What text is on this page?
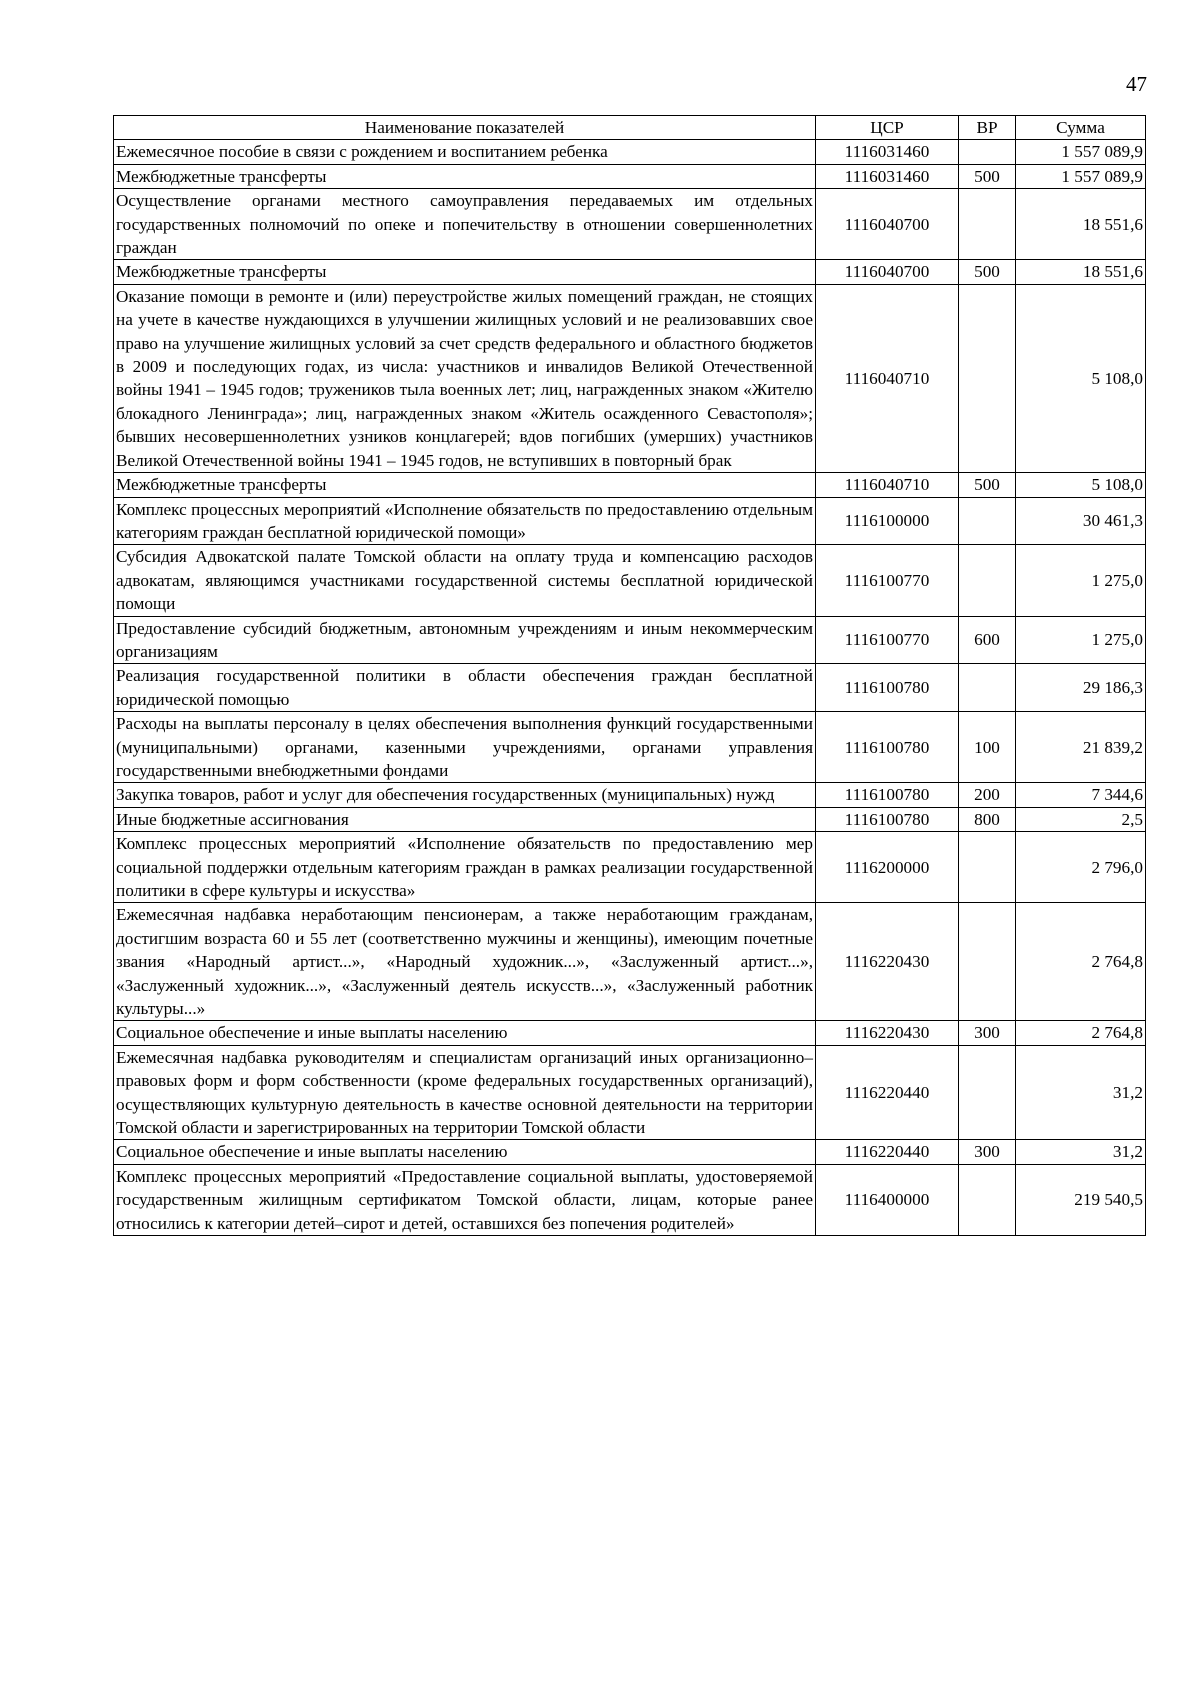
47
Наименование показателей	ЦСР	ВР	Сумма
Ежемесячное пособие в связи с рождением и воспитанием ребенка	1116031460		1 557 089,9
Межбюджетные трансферты	1116031460	500	1 557 089,9
Осуществление органами местного самоуправления передаваемых им отдельных государственных полномочий по опеке и попечительству в отношении совершеннолетних граждан	1116040700		18 551,6
Межбюджетные трансферты	1116040700	500	18 551,6
Оказание помощи в ремонте и (или) переустройстве жилых помещений граждан, не стоящих на учете в качестве нуждающихся в улучшении жилищных условий и не реализовавших свое право на улучшение жилищных условий за счет средств федерального и областного бюджетов в 2009 и последующих годах, из числа: участников и инвалидов Великой Отечественной войны 1941 – 1945 годов; тружеников тыла военных лет; лиц, награжденных знаком «Жителю блокадного Ленинграда»; лиц, награжденных знаком «Житель осажденного Севастополя»; бывших несовершеннолетних узников концлагерей; вдов погибших (умерших) участников Великой Отечественной войны 1941 – 1945 годов, не вступивших в повторный брак	1116040710		5 108,0
Межбюджетные трансферты	1116040710	500	5 108,0
Комплекс процессных мероприятий «Исполнение обязательств по предоставлению отдельным категориям граждан бесплатной юридической помощи»	1116100000		30 461,3
Субсидия Адвокатской палате Томской области на оплату труда и компенсацию расходов адвокатам, являющимся участниками государственной системы бесплатной юридической помощи	1116100770		1 275,0
Предоставление субсидий бюджетным, автономным учреждениям и иным некоммерческим организациям	1116100770	600	1 275,0
Реализация государственной политики в области обеспечения граждан бесплатной юридической помощью	1116100780		29 186,3
Расходы на выплаты персоналу в целях обеспечения выполнения функций государственными (муниципальными) органами, казенными учреждениями, органами управления государственными внебюджетными фондами	1116100780	100	21 839,2
Закупка товаров, работ и услуг для обеспечения государственных (муниципальных) нужд	1116100780	200	7 344,6
Иные бюджетные ассигнования	1116100780	800	2,5
Комплекс процессных мероприятий «Исполнение обязательств по предоставлению мер социальной поддержки отдельным категориям граждан в рамках реализации государственной политики в сфере культуры и искусства»	1116200000		2 796,0
Ежемесячная надбавка неработающим пенсионерам, а также неработающим гражданам, достигшим возраста 60 и 55 лет (соответственно мужчины и женщины), имеющим почетные звания «Народный артист...», «Народный художник...», «Заслуженный артист...», «Заслуженный художник...», «Заслуженный деятель искусств...», «Заслуженный работник культуры...»	1116220430		2 764,8
Социальное обеспечение и иные выплаты населению	1116220430	300	2 764,8
Ежемесячная надбавка руководителям и специалистам организаций иных организационно–правовых форм и форм собственности (кроме федеральных государственных организаций), осуществляющих культурную деятельность в качестве основной деятельности на территории Томской области и зарегистрированных на территории Томской области	1116220440		31,2
Социальное обеспечение и иные выплаты населению	1116220440	300	31,2
Комплекс процессных мероприятий «Предоставление социальной выплаты, удостоверяемой государственным жилищным сертификатом Томской области, лицам, которые ранее относились к категории детей–сирот и детей, оставшихся без попечения родителей»	1116400000		219 540,5
